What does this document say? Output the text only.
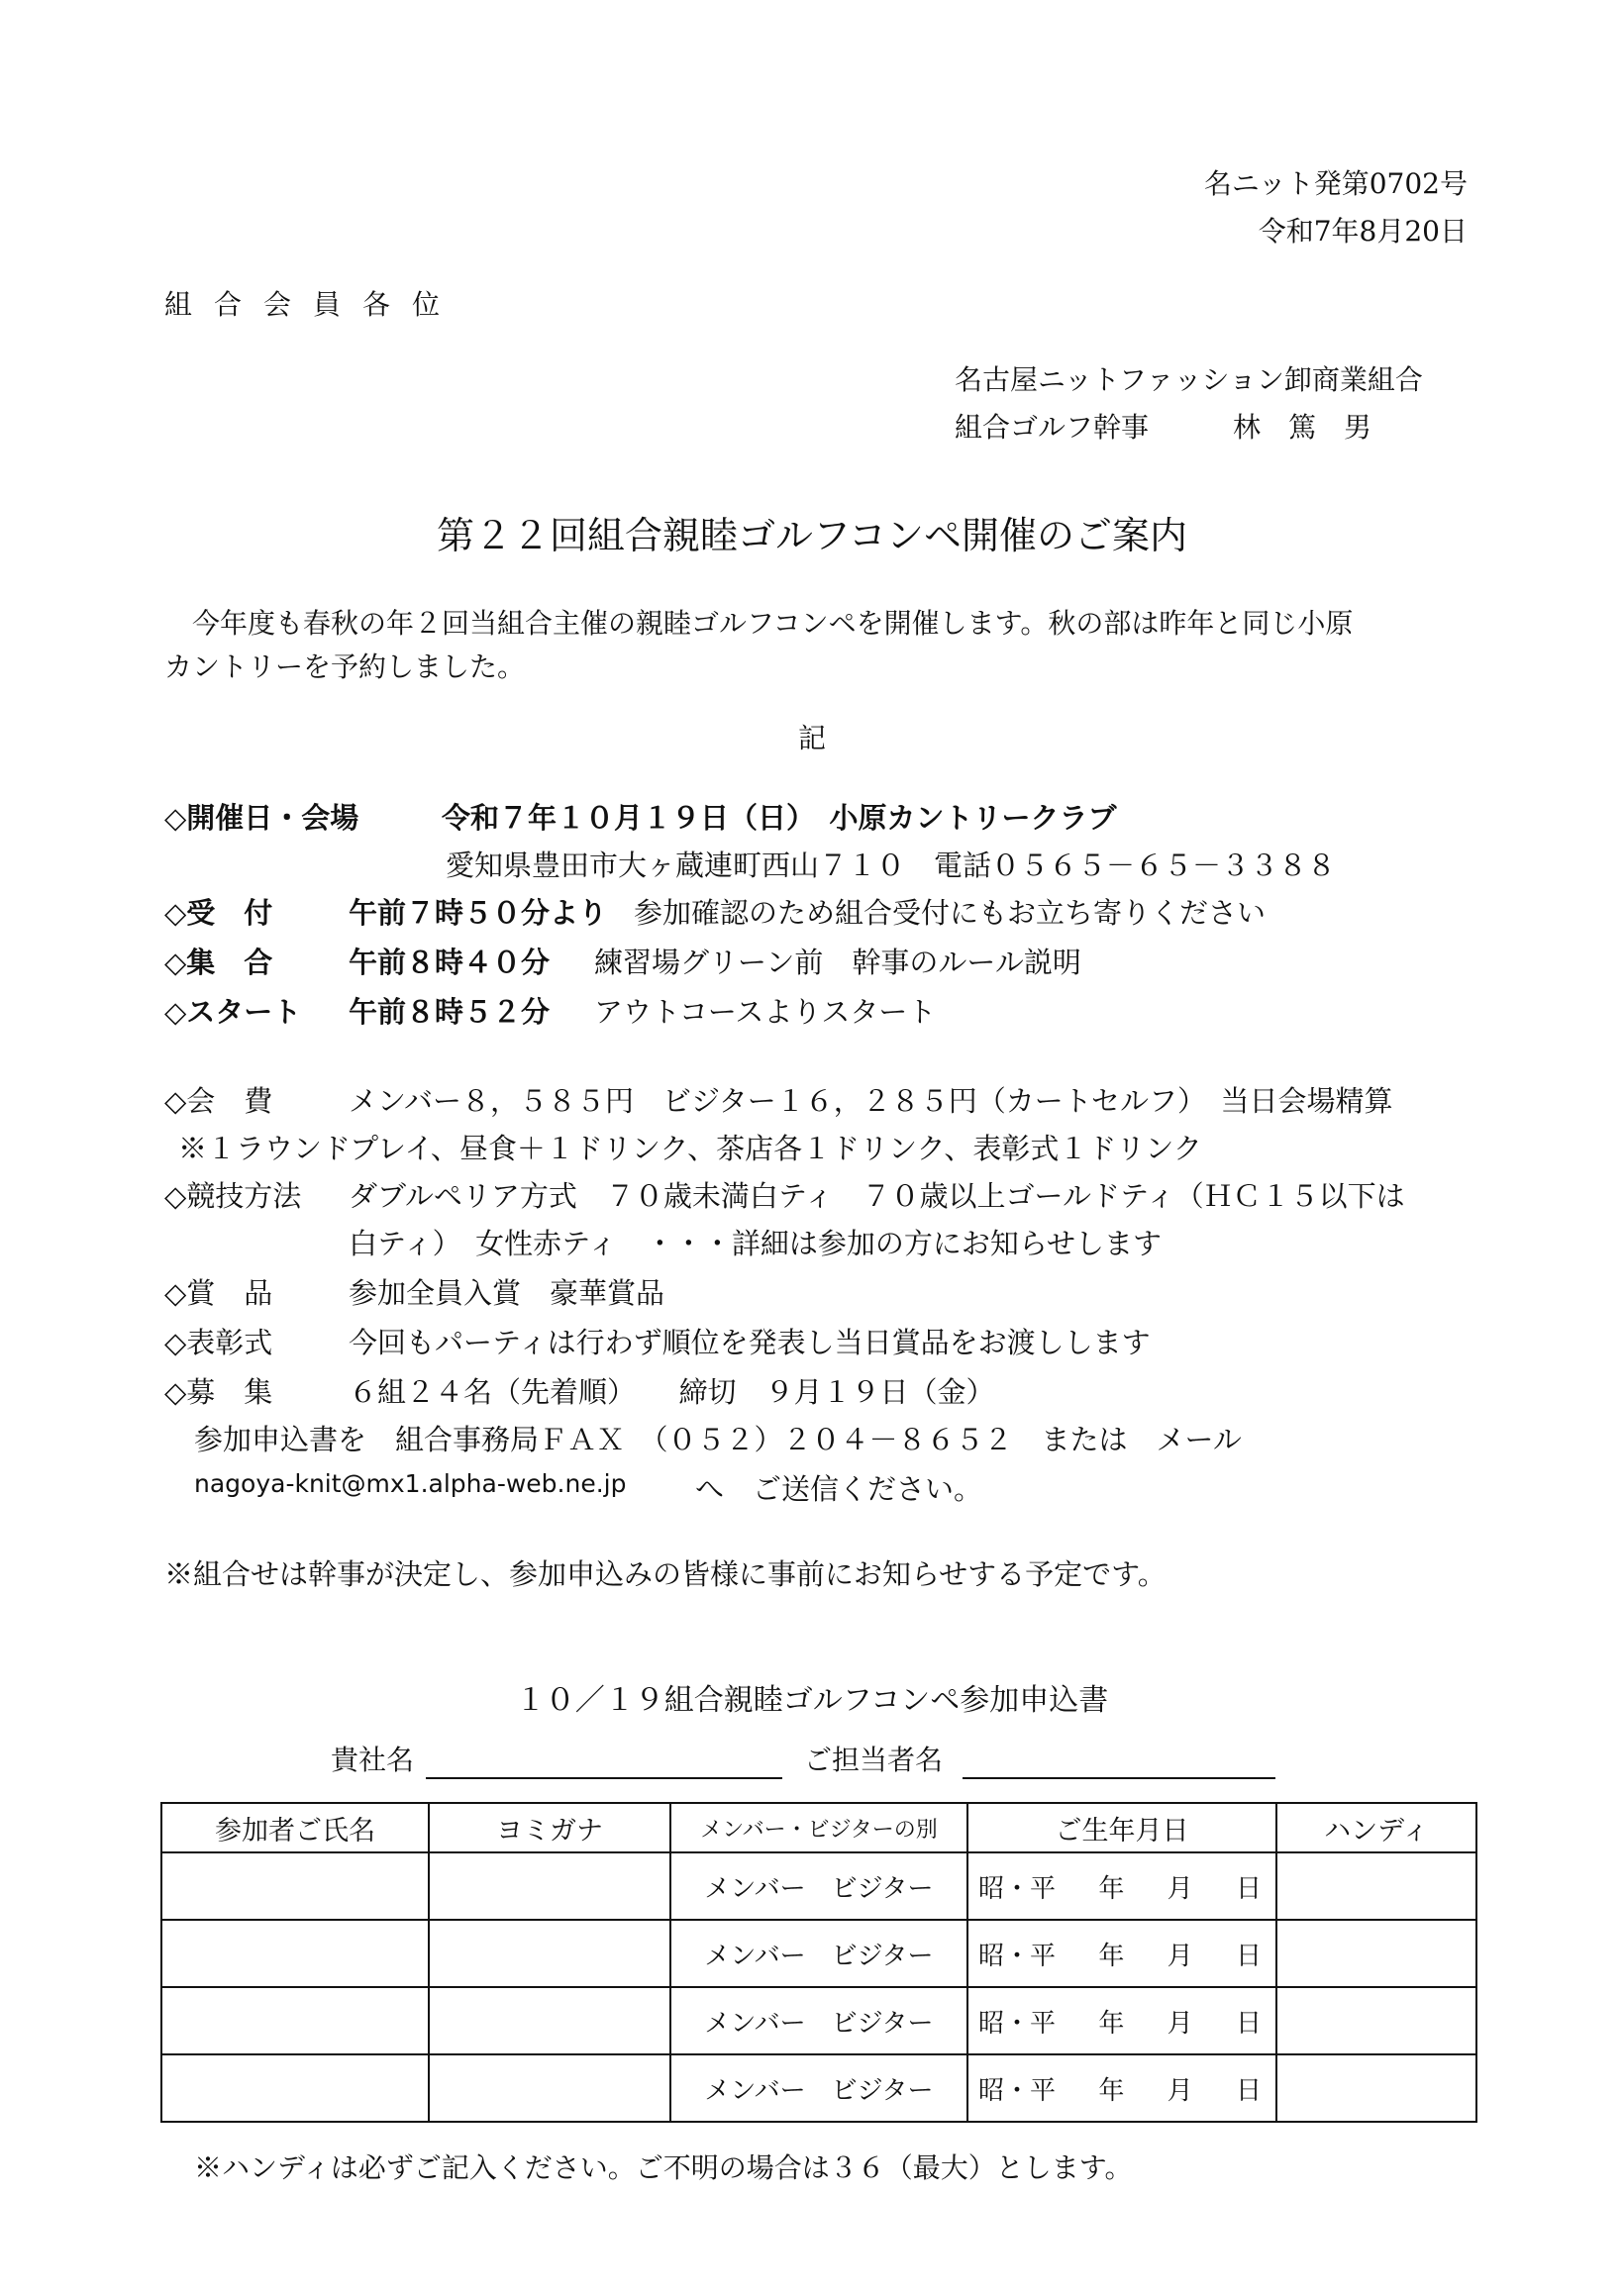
名ニット発第0702号
令和7年8月20日
組合会員各位
名古屋ニットファッション卸商業組合
組合ゴルフ幹事	林篤男
第２２回組合親睦ゴルフコンペ開催のご案内
　今年度も春秋の年２回当組合主催の親睦ゴルフコンペを開催します。秋の部は昨年と同じ小原
カントリーを予約しました。
記
◇開催日・会場	令和７年１０月１９日（日）　小原カントリークラブ
愛知県豊田市大ヶ蔵連町西山７１０　電話０５６５－６５－３３８８
◇受　付	午前７時５０分より 参加確認のため組合受付にもお立ち寄りください
◇集　合	午前８時４０分 練習場グリーン前　幹事のルール説明
◇スタート 午前８時５２分 アウトコースよりスタート
◇会　費	メンバー８，５８５円　ビジター１６，２８５円（カートセルフ）　当日会場精算
※１ラウンドプレイ、昼食＋１ドリンク、茶店各１ドリンク、表彰式１ドリンク
◇競技方法 ダブルペリア方式　７０歳未満白ティ　７０歳以上ゴールドティ（ＨＣ１５以下は
白ティ）　女性赤ティ　・・・詳細は参加の方にお知らせします
◇賞　品	参加全員入賞　豪華賞品
◇表彰式	今回もパーティは行わず順位を発表し当日賞品をお渡しします
◇募　集	６組２４名（先着順）　　締切　９月１９日（金）
参加申込書を　組合事務局ＦＡＸ　（０５２）２０４－８６５２　または　メール
nagoya-knit@mx1.alpha-web.ne.jp へ　ご送信ください。
※組合せは幹事が決定し、参加申込みの皆様に事前にお知らせする予定です。
１０／１９組合親睦ゴルフコンペ参加申込書
貴社名	ご担当者名
参加者ご氏名	ヨミガナ	メンバー・ビジターの別	ご生年月日	ハンディ
		メンバー　ビジター	昭・平 年 月 日	

		メンバー　ビジター	昭・平 年 月 日	

		メンバー　ビジター	昭・平 年 月 日	

		メンバー　ビジター	昭・平 年 月 日	

※ハンディは必ずご記入ください。ご不明の場合は３６（最大）とします。
